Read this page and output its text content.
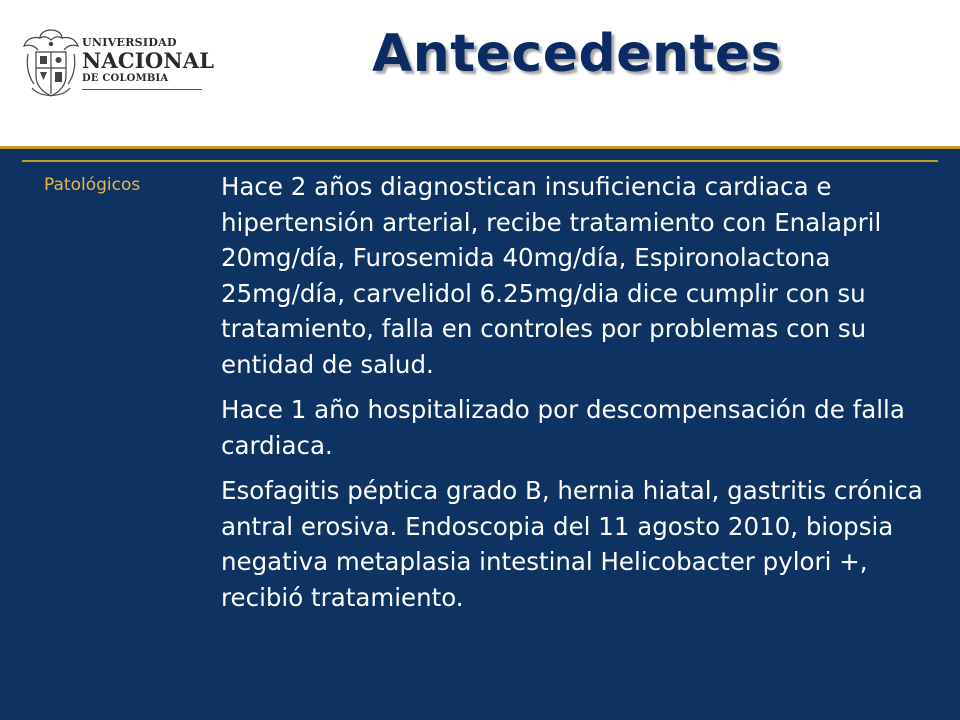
UNIVERSIDAD
NACIONAL
DE COLOMBIA	Antecedentes
Patológicos	Hace 2 años diagnostican insuficiencia cardiaca e hipertensión arterial, recibe tratamiento con Enalapril 20mg/día, Furosemida 40mg/día, Espironolactona 25mg/día, carvelidol 6.25mg/dia dice cumplir con su tratamiento, falla en controles por problemas con su entidad de salud.

Hace 1 año hospitalizado por descompensación de falla cardiaca.

Esofagitis péptica grado B, hernia hiatal, gastritis crónica antral erosiva. Endoscopia del 11 agosto 2010, biopsia negativa metaplasia intestinal Helicobacter pylori +, recibió tratamiento.
